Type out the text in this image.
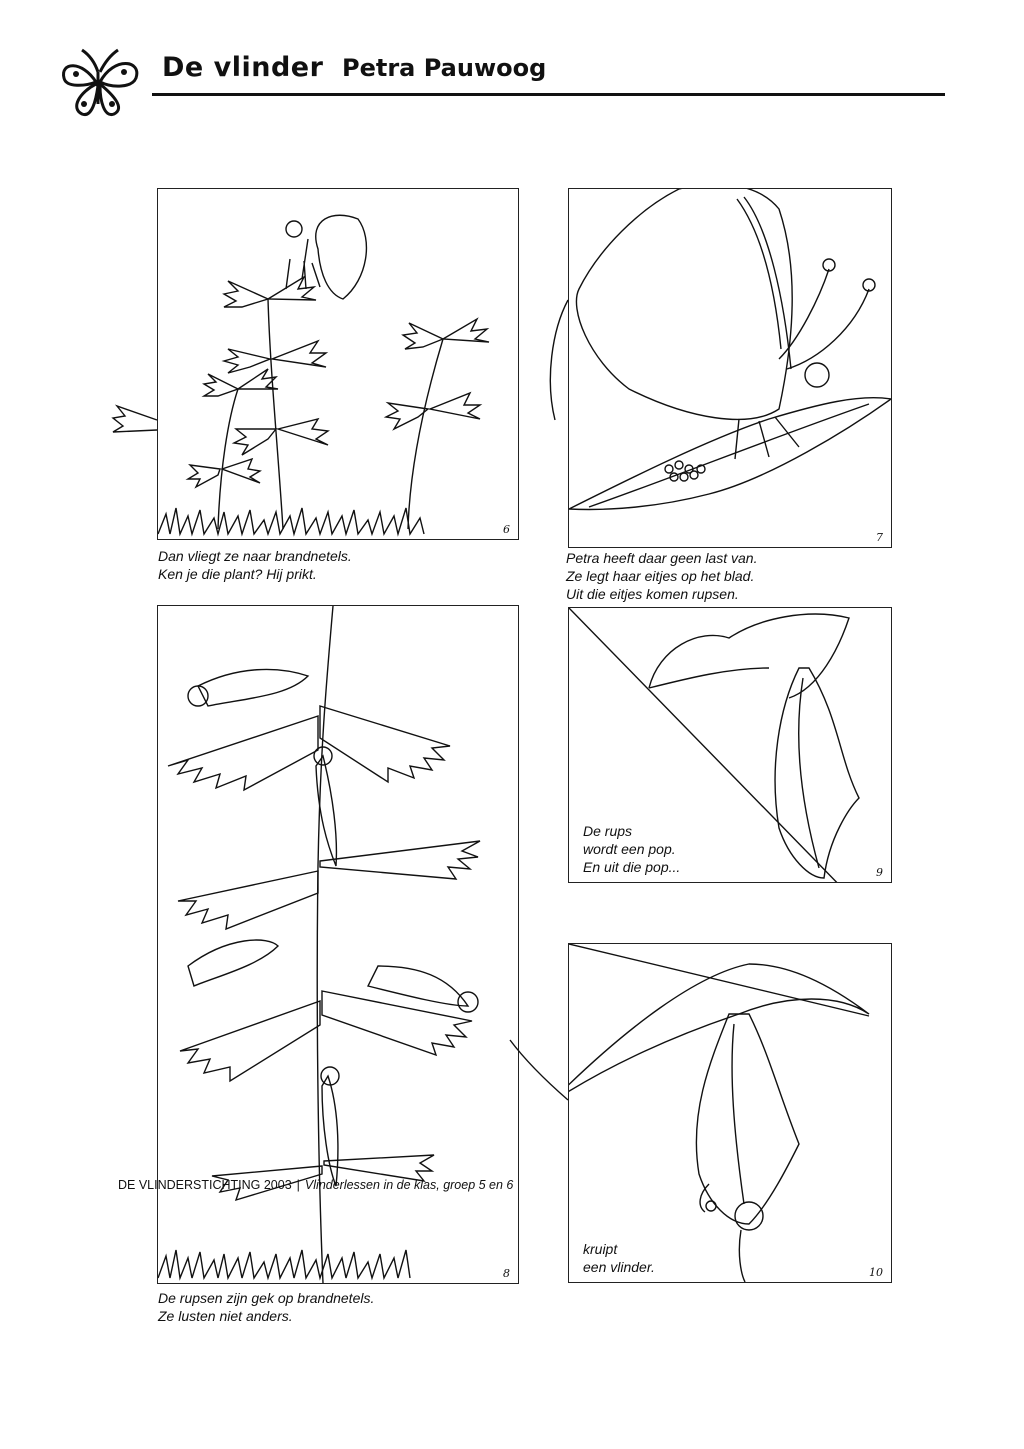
De vlinder Petra Pauwoog
6
Dan vliegt ze naar brandnetels.
Ken je die plant? Hij prikt.
7
Petra heeft daar geen last van.
Ze legt haar eitjes op het blad.
Uit die eitjes komen rupsen.
8
De rupsen zijn gek op brandnetels.
Ze lusten niet anders.
De rups
wordt een pop.
En uit die pop...	9
kruipt
een vlinder.	10
DE VLINDERSTICHTING 2003 | Vlinderlessen in de klas, groep 5 en 6
